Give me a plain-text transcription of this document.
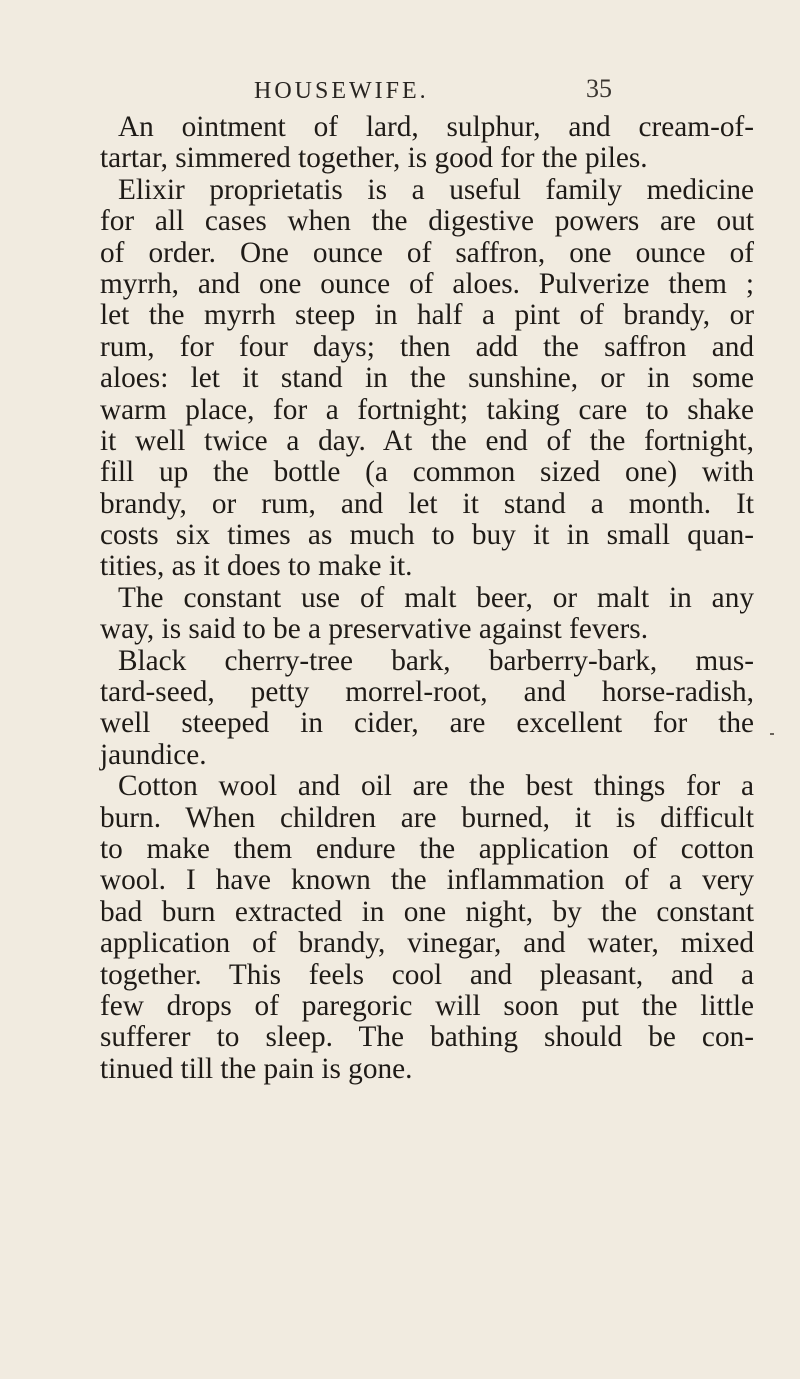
HOUSEWIFE.	35
An ointment of lard, sulphur, and cream-of-
tartar, simmered together, is good for the piles.
Elixir proprietatis is a useful family medicine
for all cases when the digestive powers are out
of order. One ounce of saffron, one ounce of
myrrh, and one ounce of aloes. Pulverize them ;
let the myrrh steep in half a pint of brandy, or
rum, for four days; then add the saffron and
aloes: let it stand in the sunshine, or in some
warm place, for a fortnight; taking care to shake
it well twice a day. At the end of the fortnight,
fill up the bottle (a common sized one) with
brandy, or rum, and let it stand a month. It
costs six times as much to buy it in small quan-
tities, as it does to make it.
The constant use of malt beer, or malt in any
way, is said to be a preservative against fevers.
Black cherry-tree bark, barberry-bark, mus-
tard-seed, petty morrel-root, and horse-radish,
well steeped in cider, are excellent for the
jaundice.
Cotton wool and oil are the best things for a
burn. When children are burned, it is difficult
to make them endure the application of cotton
wool. I have known the inflammation of a very
bad burn extracted in one night, by the constant
application of brandy, vinegar, and water, mixed
together. This feels cool and pleasant, and a
few drops of paregoric will soon put the little
sufferer to sleep. The bathing should be con-
tinued till the pain is gone.
